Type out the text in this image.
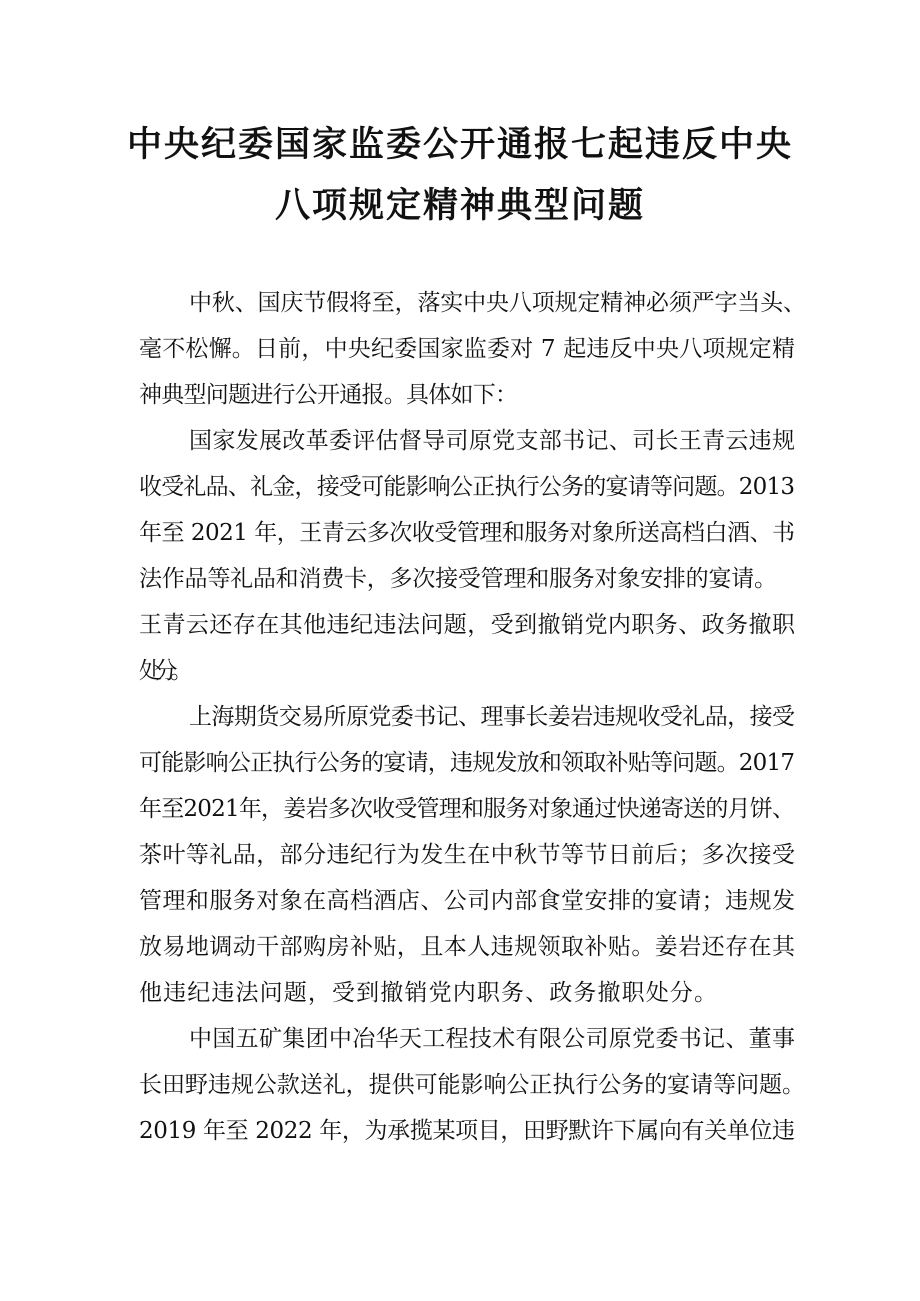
中央纪委国家监委公开通报七起违反中央
八项规定精神典型问题
中秋、国庆节假将至，落实中央八项规定精神必须严字当头、
毫不松懈。日前，中央纪委国家监委对 7 起违反中央八项规定精
神典型问题进行公开通报。具体如下：
国家发展改革委评估督导司原党支部书记、司长王青云违规
收受礼品、礼金，接受可能影响公正执行公务的宴请等问题。2013
年至 2021 年，王青云多次收受管理和服务对象所送高档白酒、书
法作品等礼品和消费卡，多次接受管理和服务对象安排的宴请。
王青云还存在其他违纪违法问题，受到撤销党内职务、政务撤职
处分。
上海期货交易所原党委书记、理事长姜岩违规收受礼品，接受
可能影响公正执行公务的宴请，违规发放和领取补贴等问题。2017
年至2021年，姜岩多次收受管理和服务对象通过快递寄送的月饼、
茶叶等礼品，部分违纪行为发生在中秋节等节日前后；多次接受
管理和服务对象在高档酒店、公司内部食堂安排的宴请；违规发
放易地调动干部购房补贴，且本人违规领取补贴。姜岩还存在其
他违纪违法问题，受到撤销党内职务、政务撤职处分。
中国五矿集团中冶华天工程技术有限公司原党委书记、董事
长田野违规公款送礼，提供可能影响公正执行公务的宴请等问题。
2019 年至 2022 年，为承揽某项目，田野默许下属向有关单位违
